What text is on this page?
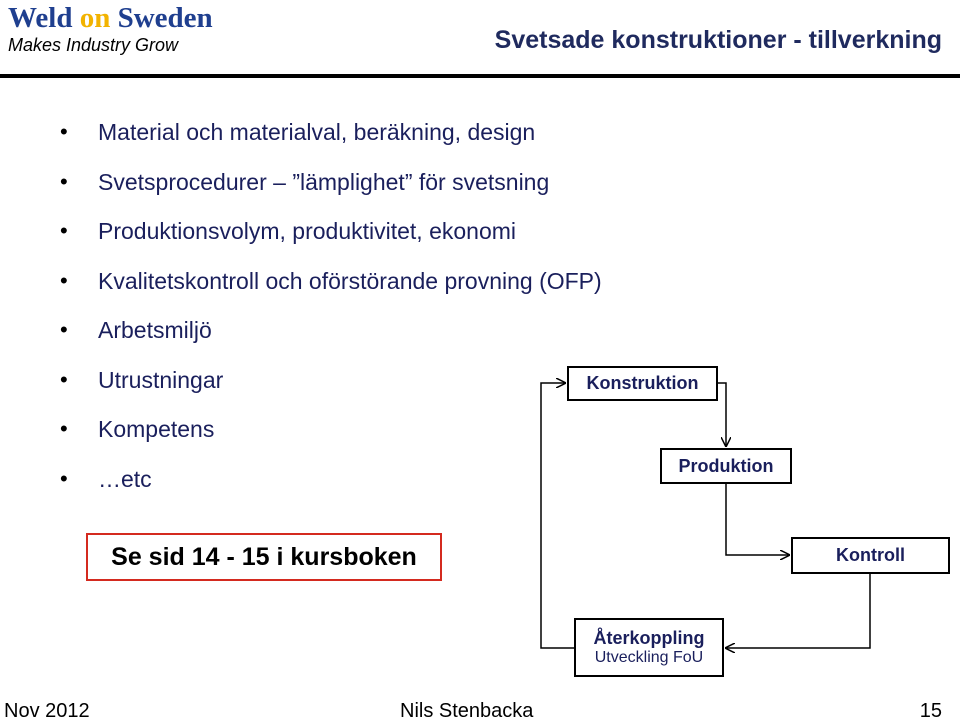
Weld on Sweden
Makes Industry Grow	Svetsade konstruktioner - tillverkning
• Material och materialval, beräkning, design
• Svetsprocedurer – ”lämplighet” för svetsning
• Produktionsvolym, produktivitet, ekonomi
• Kvalitetskontroll och oförstörande provning (OFP)
• Arbetsmiljö
• Utrustningar
• Kompetens
• …etc
Se sid 14 - 15 i kursboken
Konstruktion
Produktion
Kontroll
Återkoppling
Utveckling FoU
Nov 2012	Nils Stenbacka	15
